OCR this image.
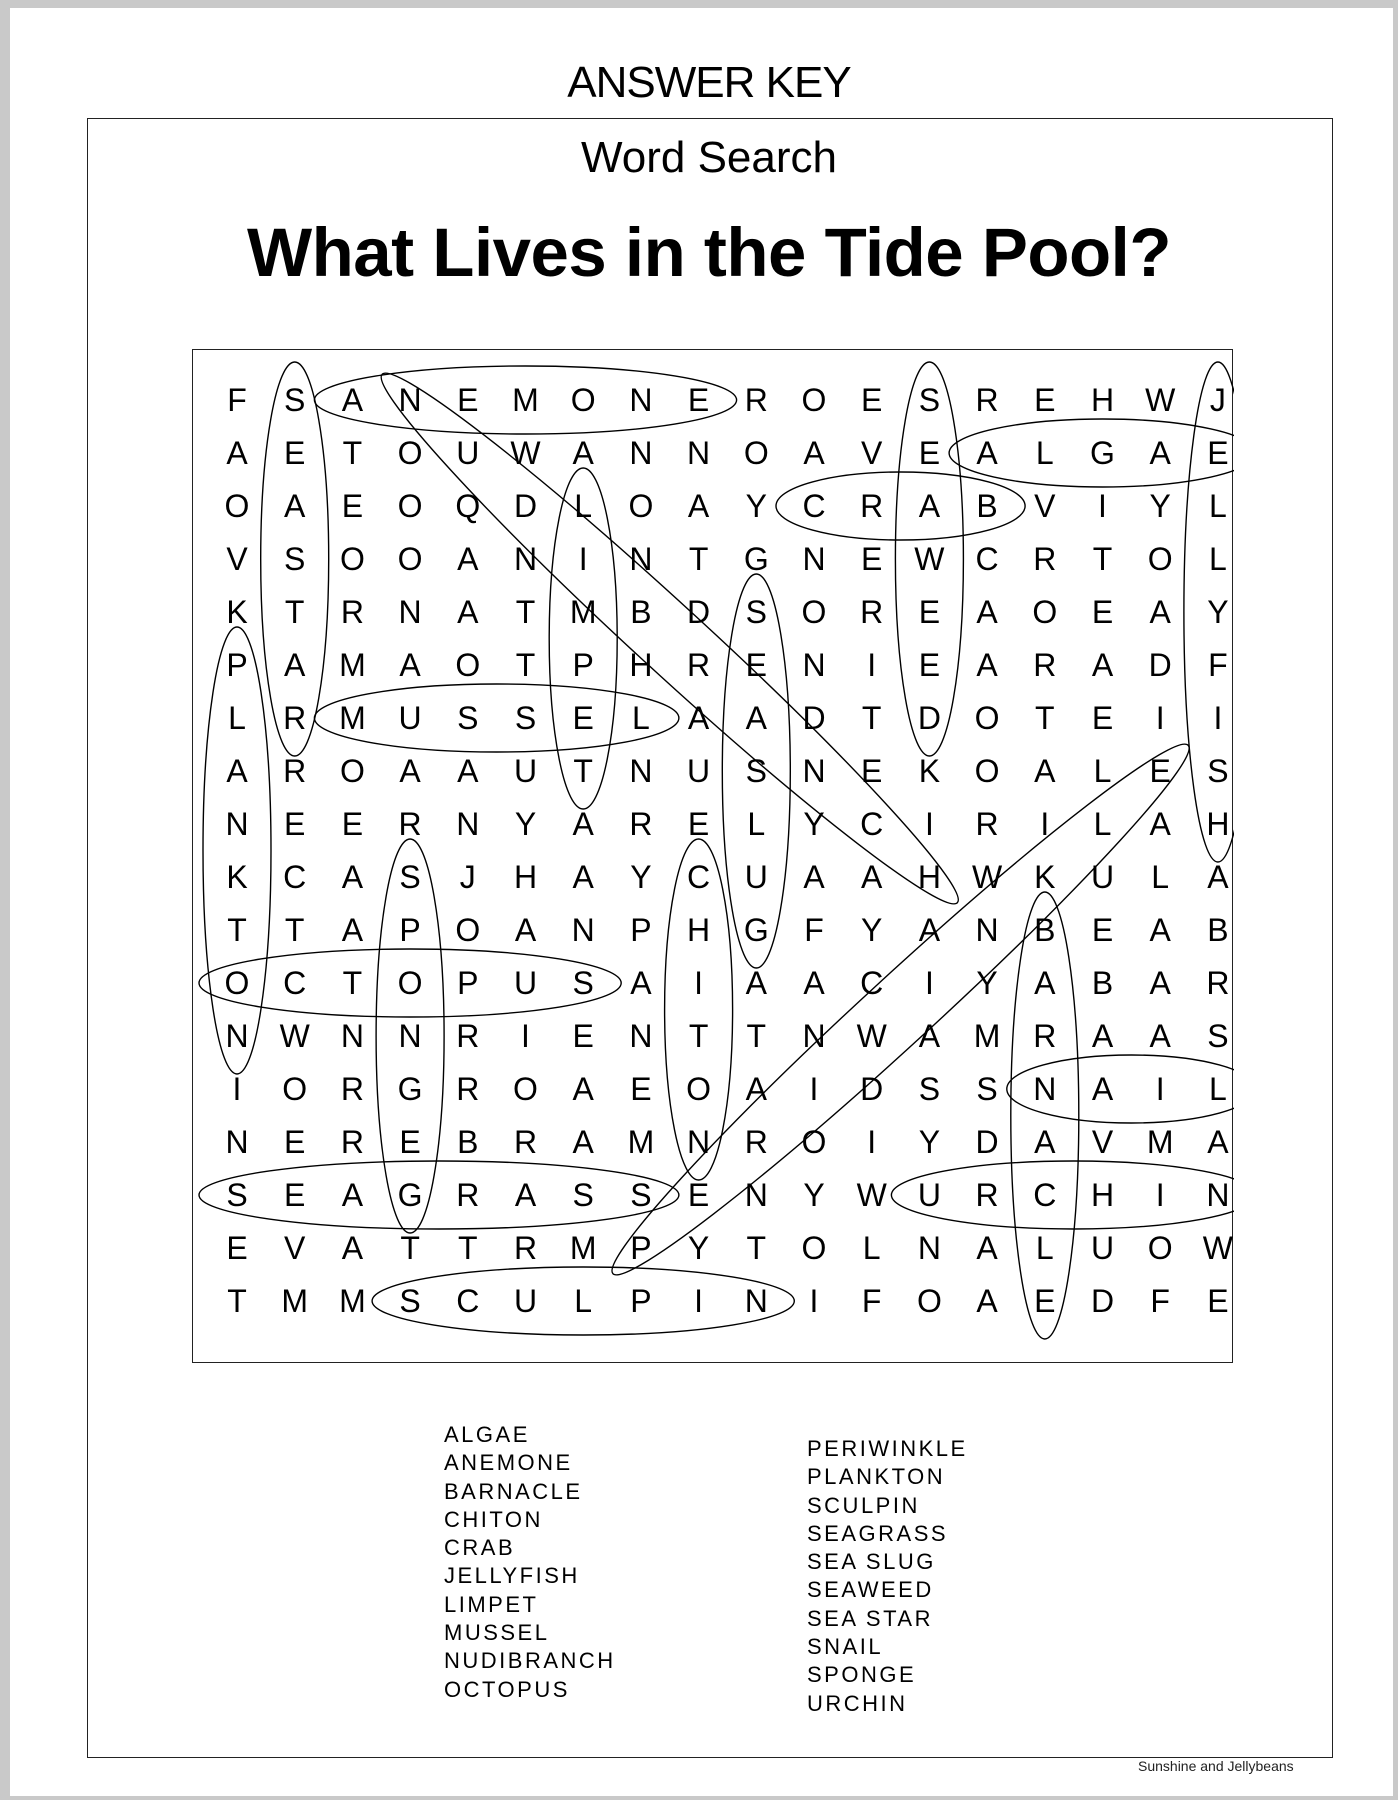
ANSWER KEY
Word Search
What Lives in the Tide Pool?
F S A N E M O N E R O E S R E H W J
A E T O U W A N N O A V E A L G A E
O A E O Q D L O A Y C R A B V I Y L
V S O O A N I N T G N E W C R T O L
K T R N A T M B D S O R E A O E A Y
P A M A O T P H R E N I E A R A D F
L R M U S S E L A A D T D O T E I I
A R O A A U T N U S N E K O A L E S
N E E R N Y A R E L Y C I R I L A H
K C A S J H A Y C U A A H W K U L A
T T A P O A N P H G F Y A N B E A B
O C T O P U S A I A A C I Y A B A R
N W N N R I E N T T N W A M R A A S
I O R G R O A E O A I D S S N A I L
N E R E B R A M N R O I Y D A V M A
S E A G R A S S E N Y W U R C H I N
E V A T T R M P Y T O L N A L U O W
T M M S C U L P I N I F O A E D F E
ALGAE
ANEMONE
BARNACLE
CHITON
CRAB
JELLYFISH
LIMPET
MUSSEL
NUDIBRANCH
OCTOPUS
PERIWINKLE
PLANKTON
SCULPIN
SEAGRASS
SEA SLUG
SEAWEED
SEA STAR
SNAIL
SPONGE
URCHIN
Sunshine and Jellybeans
